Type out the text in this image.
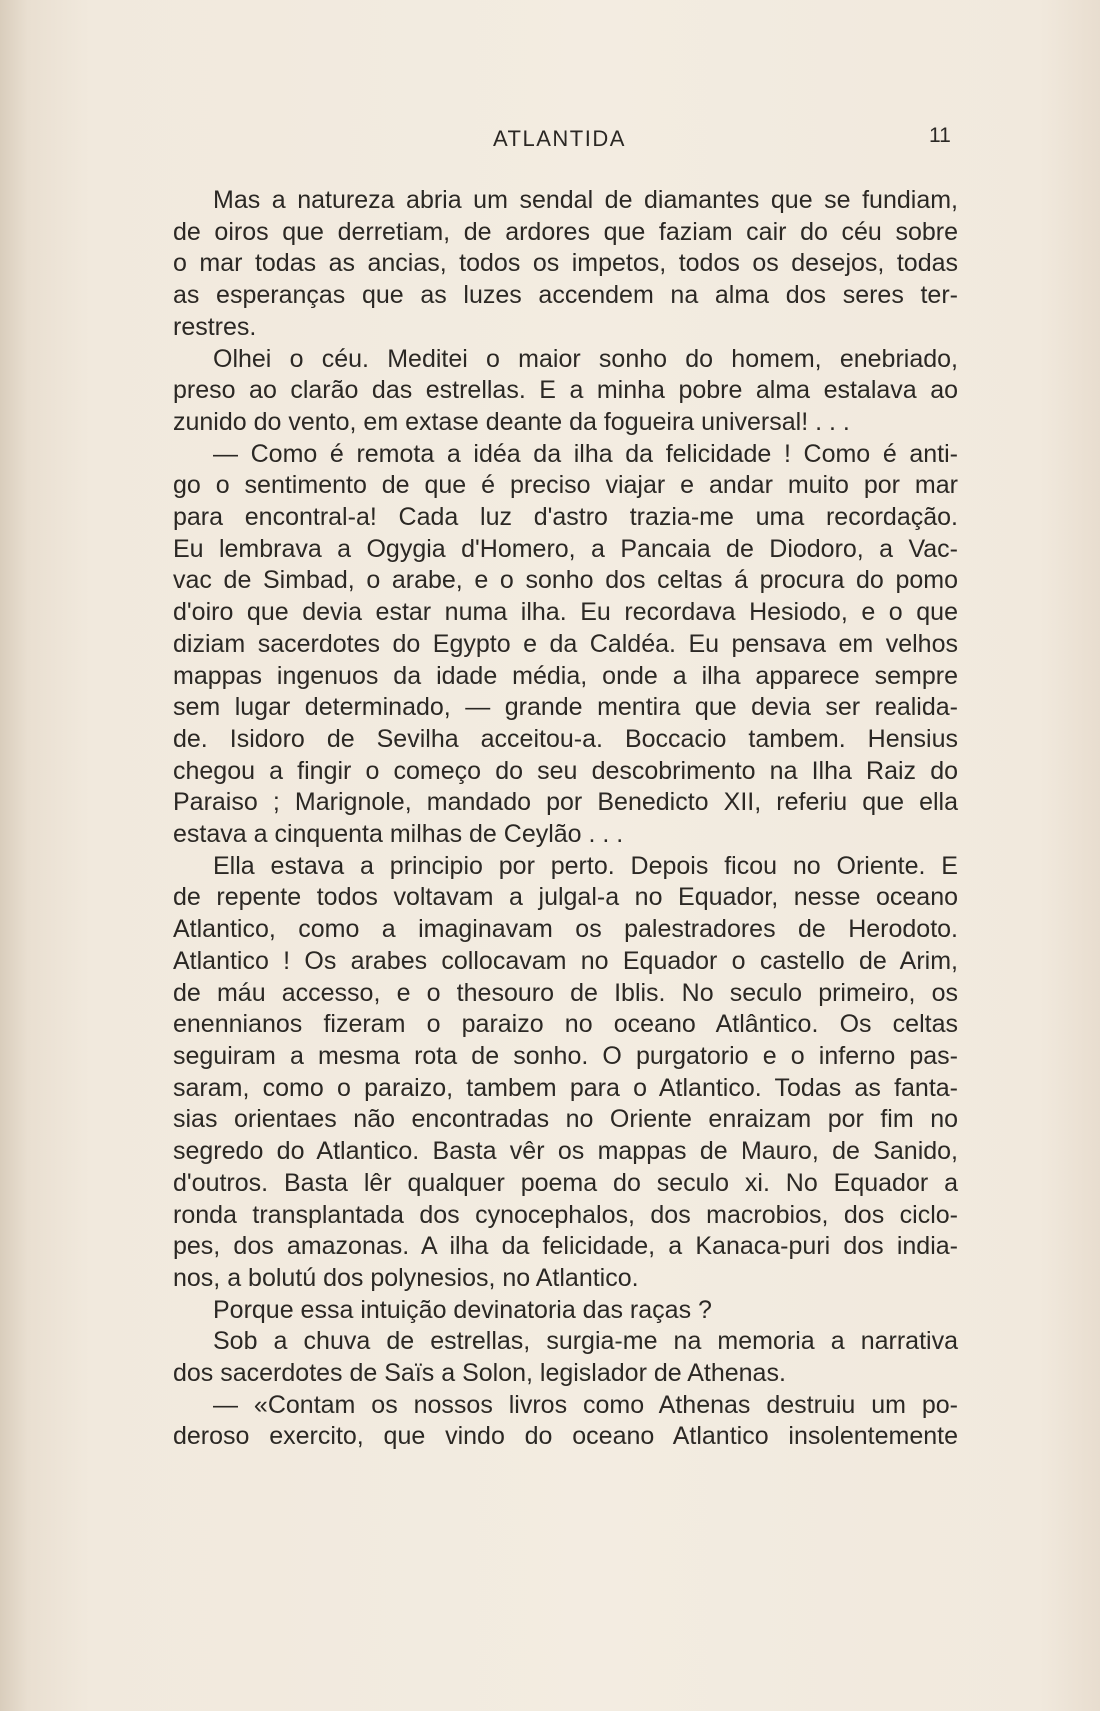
ATLANTIDA	11
Mas a natureza abria um sendal de diamantes que se fundiam,
de oiros que derretiam, de ardores que faziam cair do céu sobre
o mar todas as ancias, todos os impetos, todos os desejos, todas
as esperanças que as luzes accendem na alma dos seres ter-
restres.
Olhei o céu. Meditei o maior sonho do homem, enebriado,
preso ao clarão das estrellas. E a minha pobre alma estalava ao
zunido do vento, em extase deante da fogueira universal! . . .
— Como é remota a idéa da ilha da felicidade ! Como é anti-
go o sentimento de que é preciso viajar e andar muito por mar
para encontral-a! Cada luz d'astro trazia-me uma recordação.
Eu lembrava a Ogygia d'Homero, a Pancaia de Diodoro, a Vac-
vac de Simbad, o arabe, e o sonho dos celtas á procura do pomo
d'oiro que devia estar numa ilha. Eu recordava Hesiodo, e o que
diziam sacerdotes do Egypto e da Caldéa. Eu pensava em velhos
mappas ingenuos da idade média, onde a ilha apparece sempre
sem lugar determinado, — grande mentira que devia ser realida-
de. Isidoro de Sevilha acceitou-a. Boccacio tambem. Hensius
chegou a fingir o começo do seu descobrimento na Ilha Raiz do
Paraiso ; Marignole, mandado por Benedicto XII, referiu que ella
estava a cinquenta milhas de Ceylão . . .
Ella estava a principio por perto. Depois ficou no Oriente. E
de repente todos voltavam a julgal-a no Equador, nesse oceano
Atlantico, como a imaginavam os palestradores de Herodoto.
Atlantico ! Os arabes collocavam no Equador o castello de Arim,
de máu accesso, e o thesouro de Iblis. No seculo primeiro, os
enennianos fizeram o paraizo no oceano Atlântico. Os celtas
seguiram a mesma rota de sonho. O purgatorio e o inferno pas-
saram, como o paraizo, tambem para o Atlantico. Todas as fanta-
sias orientaes não encontradas no Oriente enraizam por fim no
segredo do Atlantico. Basta vêr os mappas de Mauro, de Sanido,
d'outros. Basta lêr qualquer poema do seculo xi. No Equador a
ronda transplantada dos cynocephalos, dos macrobios, dos ciclo-
pes, dos amazonas. A ilha da felicidade, a Kanaca-puri dos india-
nos, a bolutú dos polynesios, no Atlantico.
Porque essa intuição devinatoria das raças ?
Sob a chuva de estrellas, surgia-me na memoria a narrativa
dos sacerdotes de Saïs a Solon, legislador de Athenas.
— «Contam os nossos livros como Athenas destruiu um po-
deroso exercito, que vindo do oceano Atlantico insolentemente
